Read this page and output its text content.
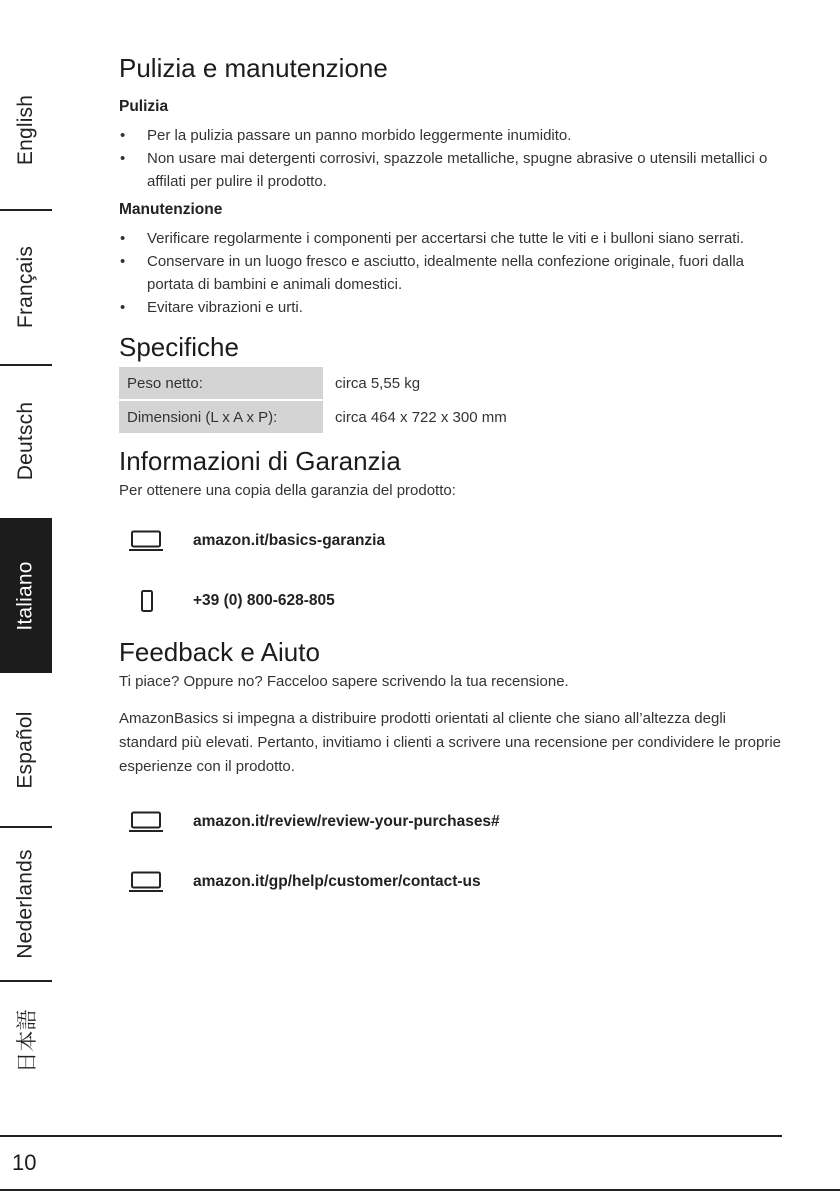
English
Français
Deutsch
Italiano
Español
Nederlands
日本語
Pulizia e manutenzione
Pulizia
• Per la pulizia passare un panno morbido leggermente inumidito.
• Non usare mai detergenti corrosivi, spazzole metalliche, spugne abrasive o utensili metallici o affilati per pulire il prodotto.
Manutenzione
• Verificare regolarmente i componenti per accertarsi che tutte le viti e i bulloni siano serrati.
• Conservare in un luogo fresco e asciutto, idealmente nella confezione originale, fuori dalla portata di bambini e animali domestici.
• Evitare vibrazioni e urti.
Specifiche
Peso netto:	circa 5,55 kg
Dimensioni (L x A x P):	circa 464 x 722 x 300 mm
Informazioni di Garanzia

Per ottenere una copia della garanzia del prodotto:

amazon.it/basics-garanzia
+39 (0) 800-628-805
Feedback e Aiuto

Ti piace? Oppure no? Facceloo sapere scrivendo la tua recensione.

AmazonBasics si impegna a distribuire prodotti orientati al cliente che siano all’altezza degli standard più elevati. Pertanto, invitiamo i clienti a scrivere una recensione per condividere le proprie esperienze con il prodotto.

amazon.it/review/review-your-purchases#
amazon.it/gp/help/customer/contact-us
10
